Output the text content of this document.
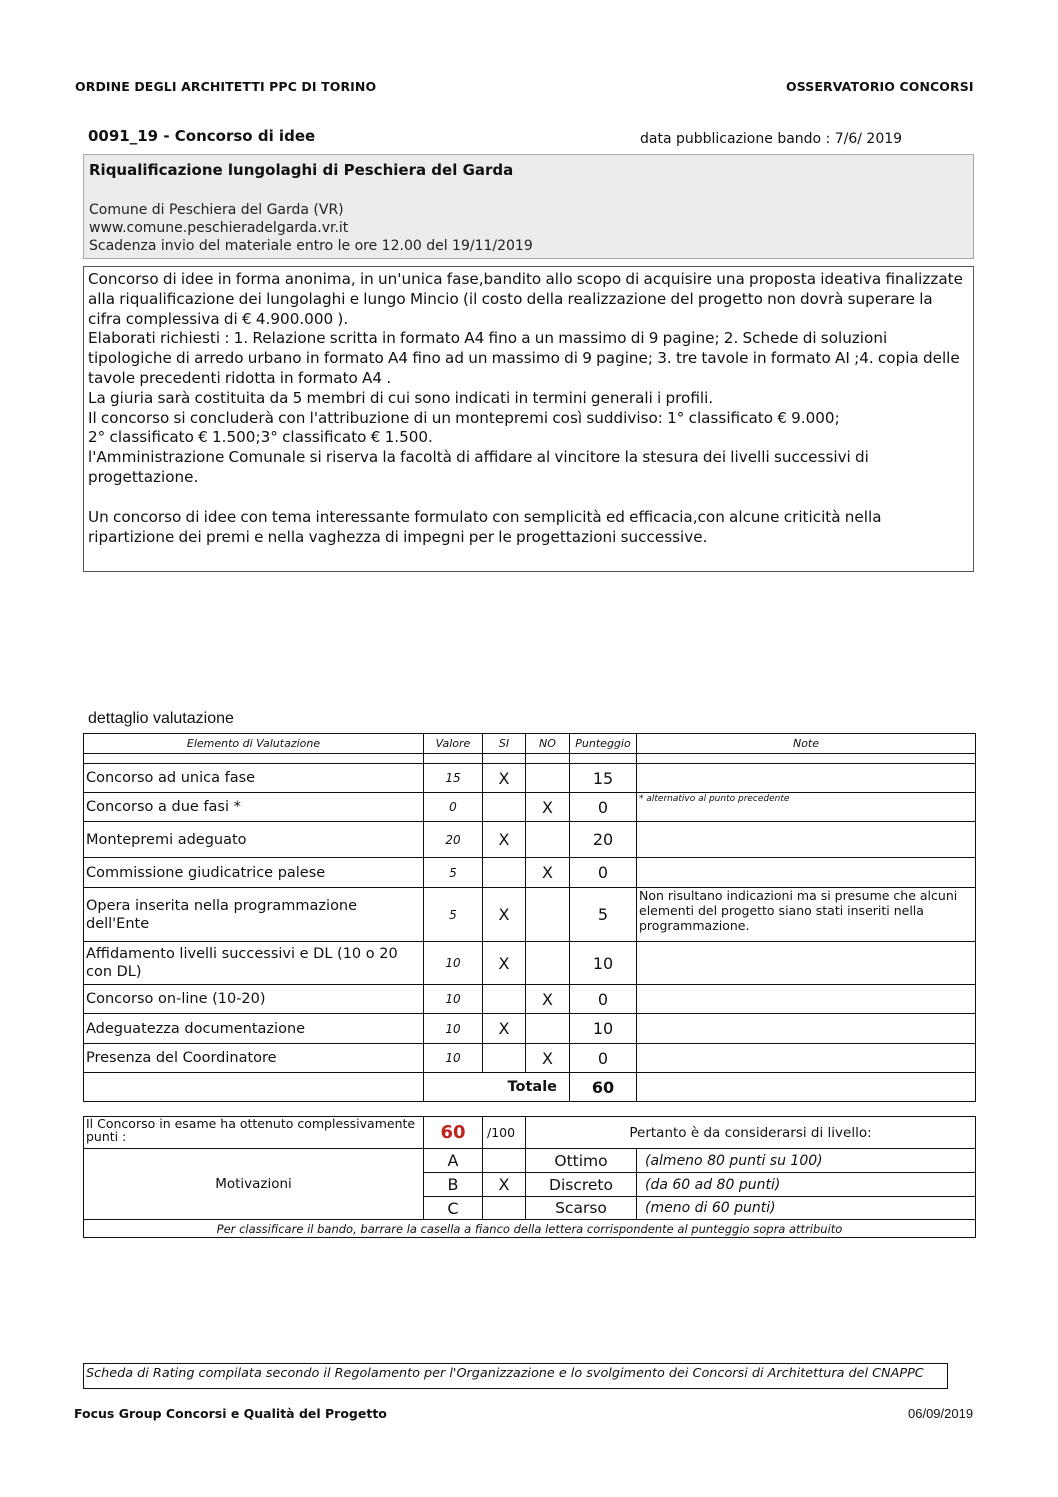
ORDINE DEGLI ARCHITETTI PPC DI TORINO	OSSERVATORIO CONCORSI
0091_19 - Concorso di idee	data pubblicazione bando : 7/6/ 2019
Riqualificazione lungolaghi di Peschiera del Garda
Comune di Peschiera del Garda (VR)
www.comune.peschieradelgarda.vr.it
Scadenza invio del materiale entro le ore 12.00 del 19/11/2019

Concorso di idee in forma anonima, in un'unica fase,bandito allo scopo di acquisire una proposta ideativa finalizzate alla riqualificazione dei lungolaghi e lungo Mincio (il costo della realizzazione del progetto non dovrà superare la cifra complessiva di € 4.900.000 ).

Elaborati richiesti : 1. Relazione scritta in formato A4 fino a un massimo di 9 pagine; 2. Schede di soluzioni tipologiche di arredo urbano in formato A4 fino ad un massimo di 9 pagine; 3. tre tavole in formato AI ;4. copia delle tavole precedenti ridotta in formato A4 .

La giuria sarà costituita da 5 membri di cui sono indicati in termini generali i profili.

Il concorso si concluderà con l'attribuzione di un montepremi così suddiviso: 1° classificato € 9.000;

2° classificato € 1.500;3° classificato € 1.500.

l'Amministrazione Comunale si riserva la facoltà di affidare al vincitore la stesura dei livelli successivi di progettazione.

Un concorso di idee con tema interessante formulato con semplicità ed efficacia,con alcune criticità nella ripartizione dei premi e nella vaghezza di impegni per le progettazioni successive.

dettaglio valutazione
Elemento di Valutazione	Valore	SI	NO	Punteggio	Note

Concorso ad unica fase	15	X		15	
Concorso a due fasi *	0		X	0	* alternativo al punto precedente
Montepremi adeguato	20	X		20	
Commissione giudicatrice palese	5		X	0	
Opera inserita nella programmazione dell'Ente	5	X		5	Non risultano indicazioni ma si presume che alcuni elementi del progetto siano stati inseriti nella programmazione.
Affidamento livelli successivi e DL (10 o 20 con DL)	10	X		10	
Concorso on-line (10-20)	10		X	0	
Adeguatezza documentazione	10	X		10	
Presenza del Coordinatore	10		X	0	
	Totale			60	
Il Concorso in esame ha ottenuto complessivamente punti :	60	/100	Pertanto è da considerarsi di livello:	
Motivazioni	A		Ottimo	(almeno 80 punti su 100)
	B	X	Discreto	(da 60 ad 80 punti)
	C		Scarso	(meno di 60 punti)
Per classificare il bando, barrare la casella a fianco della lettera corrispondente al punteggio sopra attribuito				
Scheda di Rating compilata secondo il Regolamento per l'Organizzazione e lo svolgimento dei Concorsi di Architettura del CNAPPC
Focus Group Concorsi e Qualità del Progetto	06/09/2019
